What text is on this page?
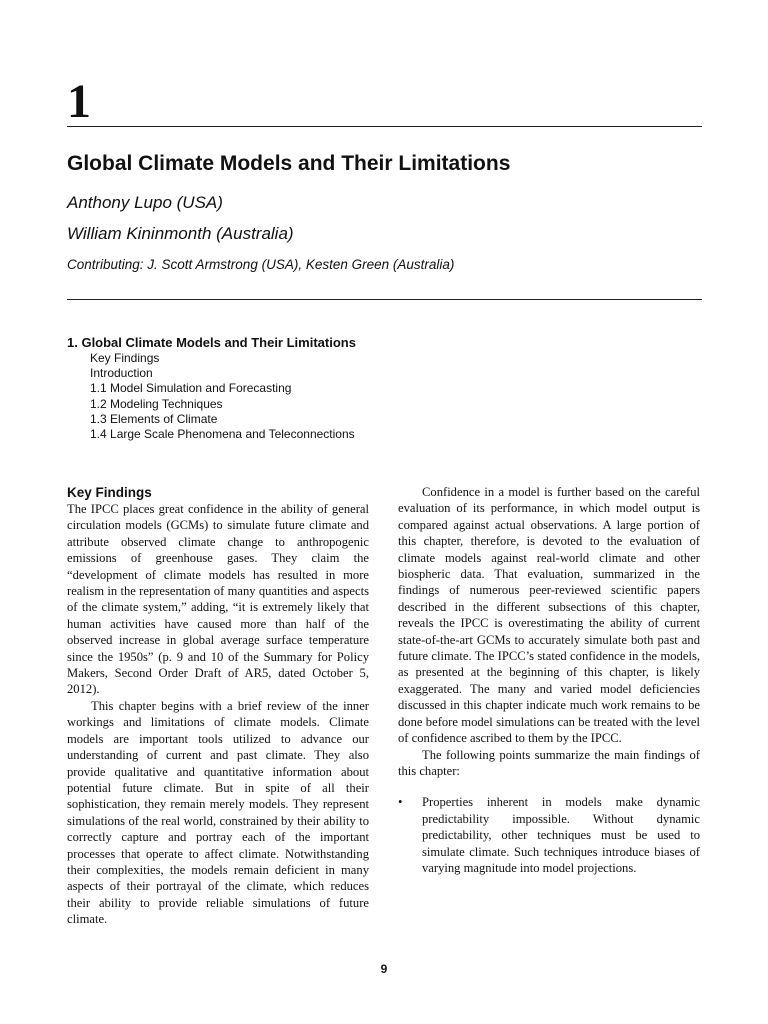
1
Global Climate Models and Their Limitations
Anthony Lupo (USA)
William Kininmonth (Australia)
Contributing: J. Scott Armstrong (USA), Kesten Green (Australia)
1. Global Climate Models and Their Limitations
Key Findings
Introduction
1.1 Model Simulation and Forecasting
1.2 Modeling Techniques
1.3 Elements of Climate
1.4 Large Scale Phenomena and Teleconnections
Key Findings

The IPCC places great confidence in the ability of general circulation models (GCMs) to simulate future climate and attribute observed climate change to anthropogenic emissions of greenhouse gases. They claim the “development of climate models has resulted in more realism in the representation of many quantities and aspects of the climate system,” adding, “it is extremely likely that human activities have caused more than half of the observed increase in global average surface temperature since the 1950s” (p. 9 and 10 of the Summary for Policy Makers, Second Order Draft of AR5, dated October 5, 2012).

This chapter begins with a brief review of the inner workings and limitations of climate models. Climate models are important tools utilized to advance our understanding of current and past climate. They also provide qualitative and quantitative information about potential future climate. But in spite of all their sophistication, they remain merely models. They represent simulations of the real world, constrained by their ability to correctly capture and portray each of the important processes that operate to affect climate. Notwithstanding their complexities, the models remain deficient in many aspects of their portrayal of the climate, which reduces their ability to provide reliable simulations of future climate.

Confidence in a model is further based on the careful evaluation of its performance, in which model output is compared against actual observations. A large portion of this chapter, therefore, is devoted to the evaluation of climate models against real-world climate and other biospheric data. That evaluation, summarized in the findings of numerous peer-reviewed scientific papers described in the different subsections of this chapter, reveals the IPCC is overestimating the ability of current state-of-the-art GCMs to accurately simulate both past and future climate. The IPCC’s stated confidence in the models, as presented at the beginning of this chapter, is likely exaggerated. The many and varied model deficiencies discussed in this chapter indicate much work remains to be done before model simulations can be treated with the level of confidence ascribed to them by the IPCC.

The following points summarize the main findings of this chapter:

• Properties inherent in models make dynamic predictability impossible. Without dynamic predictability, other techniques must be used to simulate climate. Such techniques introduce biases of varying magnitude into model projections.
9
